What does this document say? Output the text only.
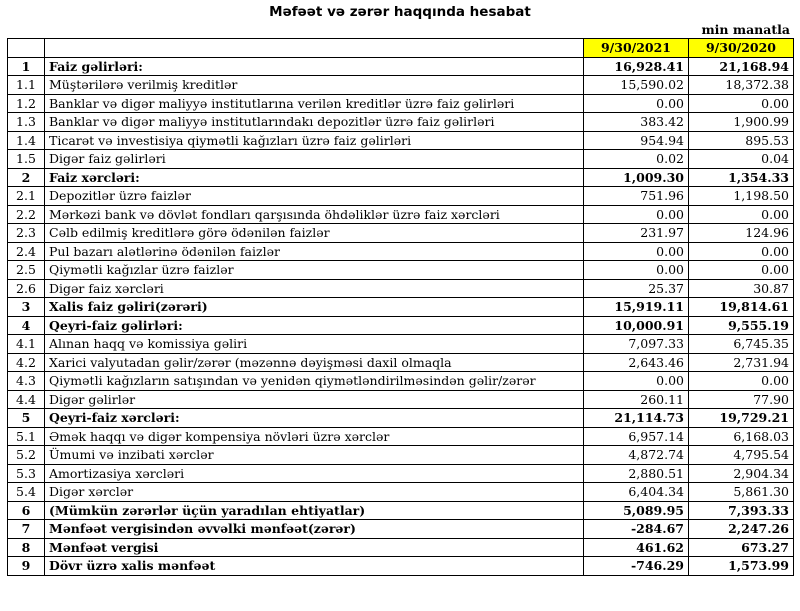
Məfəət və zərər haqqında hesabat
min manatla
		9/30/2021	9/30/2020
1	Faiz gəlirləri:	16,928.41	21,168.94
1.1	Müştərilərə verilmiş kreditlər	15,590.02	18,372.38
1.2	Banklar və digər maliyyə institutlarına verilən kreditlər üzrə faiz gəlirləri	0.00	0.00
1.3	Banklar və digər maliyyə institutlarındakı depozitlər üzrə faiz gəlirləri	383.42	1,900.99
1.4	Ticarət və investisiya qiymətli kağızları üzrə faiz gəlirləri	954.94	895.53
1.5	Digər faiz gəlirləri	0.02	0.04
2	Faiz xərcləri:	1,009.30	1,354.33
2.1	Depozitlər üzrə faizlər	751.96	1,198.50
2.2	Mərkəzi bank və dövlət fondları qarşısında öhdəliklər üzrə faiz xərcləri	0.00	0.00
2.3	Cəlb edilmiş kreditlərə görə ödənilən faizlər	231.97	124.96
2.4	Pul bazarı alətlərinə ödənilən faizlər	0.00	0.00
2.5	Qiymətli kağızlar üzrə faizlər	0.00	0.00
2.6	Digər faiz xərcləri	25.37	30.87
3	Xalis faiz gəliri(zərəri)	15,919.11	19,814.61
4	Qeyri-faiz gəlirləri:	10,000.91	9,555.19
4.1	Alınan haqq və komissiya gəliri	7,097.33	6,745.35
4.2	Xarici valyutadan gəlir/zərər (məzənnə dəyişməsi daxil olmaqla	2,643.46	2,731.94
4.3	Qiymətli kağızların satışından və yenidən qiymətləndirilməsindən gəlir/zərər	0.00	0.00
4.4	Digər gəlirlər	260.11	77.90
5	Qeyri-faiz xərcləri:	21,114.73	19,729.21
5.1	Əmək haqqı və digər kompensiya növləri üzrə xərclər	6,957.14	6,168.03
5.2	Ümumi və inzibati xərclər	4,872.74	4,795.54
5.3	Amortizasiya xərcləri	2,880.51	2,904.34
5.4	Digər xərclər	6,404.34	5,861.30
6	(Mümkün zərərlər üçün yaradılan ehtiyatlar)	5,089.95	7,393.33
7	Mənfəət vergisindən əvvəlki mənfəət(zərər)	-284.67	2,247.26
8	Mənfəət vergisi	461.62	673.27
9	Dövr üzrə xalis mənfəət	-746.29	1,573.99
